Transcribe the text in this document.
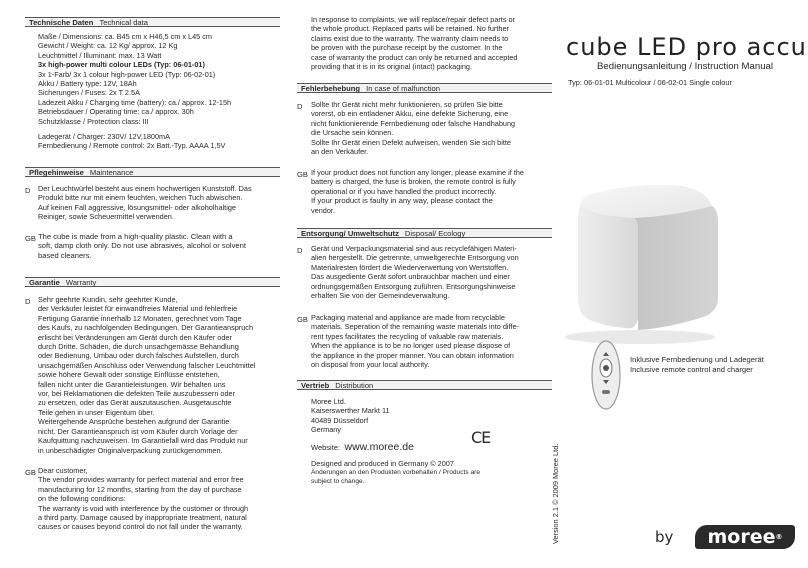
Technische Daten Technical data
Maße / Dimensions: ca. B45 cm x H46,5 cm x L45 cm
Gewicht / Weight: ca. 12 Kg/ approx. 12 Kg
Leuchtmittel / Illuminant: max. 13 Watt
3x high-power multi colour LEDs (Typ: 06-01-01)
3x 1-Farb/ 3x 1 colour high-power LED (Typ: 06-02-01)
Akku / Battery type: 12V, 18Ah
Sicherungen / Fuses: 2x T 2.5A
Ladezeit Akku / Charging time (battery): ca./ approx. 12-15h
Betriebsdauer / Operating time: ca./ approx. 30h
Schutzklasse / Protection class: III
Ladegerät / Charger: 230V/ 12V,1800mA
Fernbedienung / Remote control: 2x Batt.-Typ. AAAA 1,5V
Pflegehinweise Maintenance
D Der Leuchtwürfel besteht aus einem hochwertigen Kunststoff. Das
Produkt bitte nur mit einem feuchten, weichen Tuch abwischen.
Auf keinen Fall aggressive, lösungsmittel- oder alkoholhaltige
Reiniger, sowie Scheuermittel verwenden.
GB The cube is made from a high-quality plastic. Clean with a
soft, damp cloth only. Do not use abrasives, alcohol or solvent
based cleaners.
Garantie Warranty
D Sehr geehrte Kundin, sehr geehrter Kunde,
der Verkäufer leistet für einwandfreies Material und fehlerfreie
Fertigung Garantie innerhalb 12 Monaten, gerechnet vom Tage
des Kaufs, zu nachfolgenden Bedingungen. Der Garantieanspruch
erlischt bei Veränderungen am Gerät durch den Käufer oder
durch Dritte. Schäden, die durch unsachgemässe Behandlung
oder Bedienung, Umbau oder durch falsches Aufstellen, durch
unsachgemäßen Anschluss oder Verwendung falscher Leuchtmittel
sowie höhere Gewalt oder sonstige Einflüsse entstehen,
fallen nicht unter die Garantieleistungen. Wir behalten uns
vor, bei Reklamationen die defekten Teile auszubessern oder
zu ersetzen, oder das Gerät auszutauschen. Ausgetauschte
Teile gehen in unser Eigentum über.
Weitergehende Ansprüche bestehen aufgrund der Garantie
nicht. Der Garantieanspruch ist vom Käufer durch Vorlage der
Kaufquittung nachzuweisen. Im Garantiefall wird das Produkt nur
in unbeschädigter Originalverpackung zurückgenommen.
GB Dear customer,
The vendor provides warranty for perfect material and error free
manufacturing for 12 months, starting from the day of purchase
on the following conditions:
The warranty is void with interference by the customer or through
a third party. Damage caused by inappropriate treatment, natural
causes or causes beyond control do not fall under the warranty.
In response to complaints, we will replace/repair defect parts or
the whole product. Replaced parts will be retained. No further
claims exist due to the warranty. The warranty claim needs to
be proven with the purchase receipt by the customer. In the
case of warranty the product can only be returned and accepted
providing that it is in its original (intact) packaging.
Fehlerbehebung In case of malfunction
D Sollte Ihr Gerät nicht mehr funktionieren, so prüfen Sie bitte
vorerst, ob ein entladener Akku, eine defekte Sicherung, eine
nicht funktionierende Fernbedienung oder falsche Handhabung
die Ursache sein können.
Sollte Ihr Gerät einen Defekt aufweisen, wenden Sie sich bitte
an den Verkäufer.
GB If your product does not function any longer, please examine if the
battery is charged, the fuse is broken, the remote control is fully
operational or if you have handled the product incorrectly.
If your product is faulty in any way, please contact the
vendor.
Entsorgung/ Umweltschutz Disposal/ Ecology
D Gerät und Verpackungsmaterial sind aus recyclefähigen Materi-
alien hergestellt. Die getrennte, umweltgerechte Entsorgung von
Materialresten fördert die Wiederverwertung von Wertstoffen.
Das ausgediente Gerät sofort unbrauchbar machen und einer
ordnungsgemäßen Entsorgung zuführen. Entsorgungshinweise
erhalten Sie von der Gemeindeverwaltung.
GB Packaging material and appliance are made from recyclable
materials. Seperation of the remaining waste materials into diffe-
rent types facilitates the recycling of valuable raw materials.
When the appliance is to be no longer used please dispose of
the appliance in the proper manner. You can obtain information
on disposal from your local authority.
Vertrieb Distribution
Moree Ltd.
Kaiserswerther Markt 11
40489 Düsseldorf
Germany
Website: www.moree.de	CE
Designed and produced in Germany © 2007
Änderungen an den Produkten vorbehalten / Products are
subject to change.
cube LED pro accu
Bedienungsanleitung / Instruction Manual
Typ: 06-01-01 Multicolour / 06-02-01 Single colour
Inklusive Fernbedienung und Ladegerät
Inclusive remote control and charger
Version 2.1 © 2009 Moree Ltd.	by	moree®
